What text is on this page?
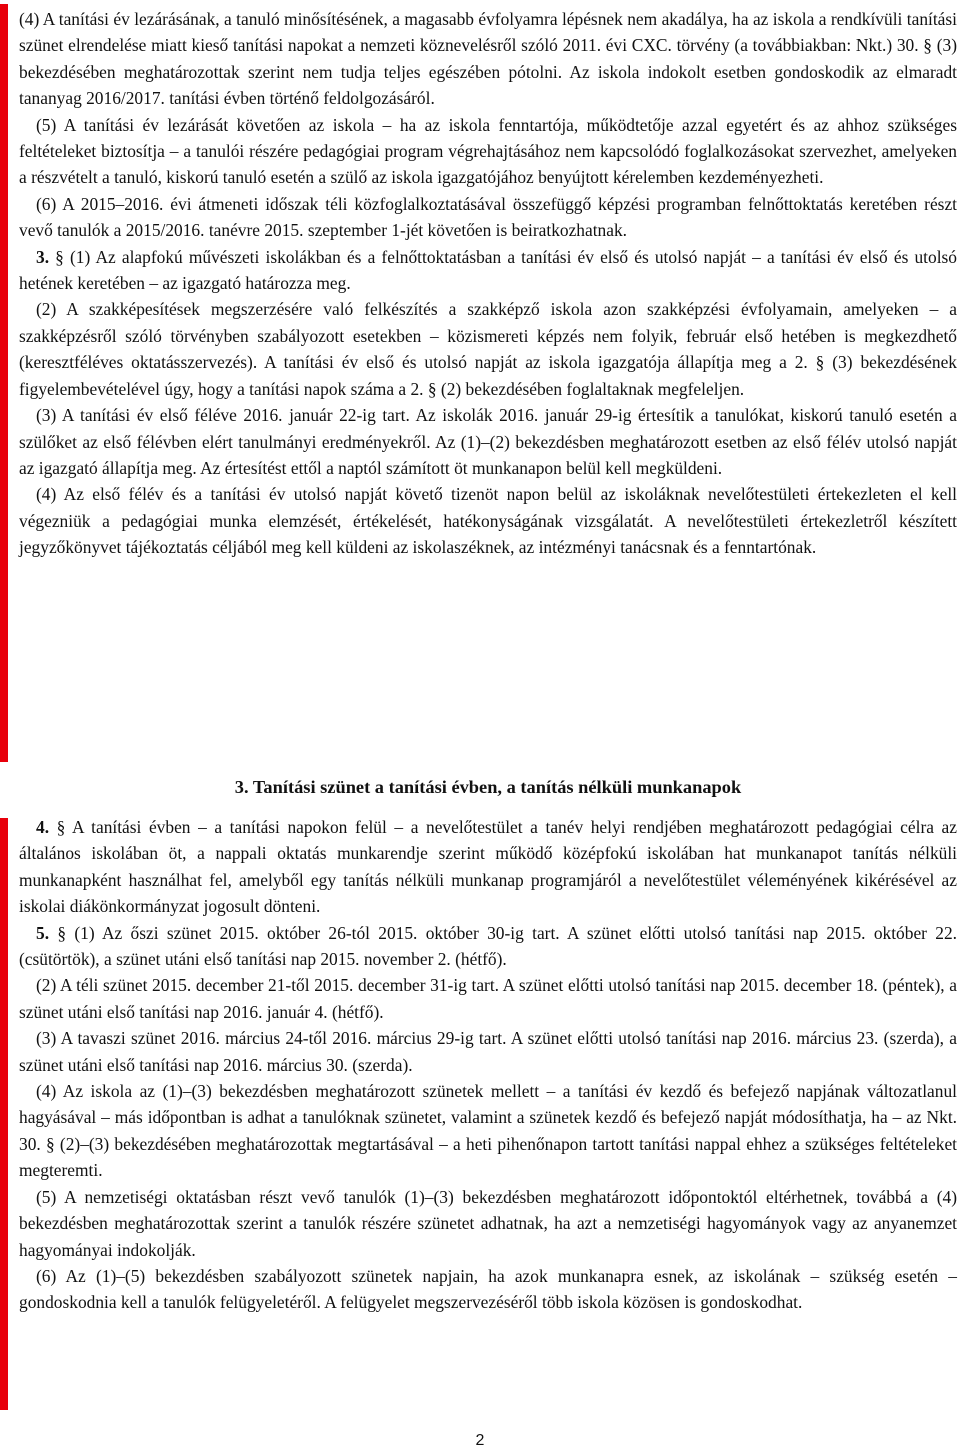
(4) A tanítási év lezárásának, a tanuló minősítésének, a magasabb évfolyamra lépésnek nem akadálya, ha az iskola a rendkívüli tanítási szünet elrendelése miatt kieső tanítási napokat a nemzeti köznevelésről szóló 2011. évi CXC. törvény (a továbbiakban: Nkt.) 30. § (3) bekezdésében meghatározottak szerint nem tudja teljes egészében pótolni. Az iskola indokolt esetben gondoskodik az elmaradt tananyag 2016/2017. tanítási évben történő feldolgozásáról.

(5) A tanítási év lezárását követően az iskola – ha az iskola fenntartója, működtetője azzal egyetért és az ahhoz szükséges feltételeket biztosítja – a tanulói részére pedagógiai program végrehajtásához nem kapcsolódó foglalkozásokat szervezhet, amelyeken a részvételt a tanuló, kiskorú tanuló esetén a szülő az iskola igazgatójához benyújtott kérelemben kezdeményezheti.

(6) A 2015–2016. évi átmeneti időszak téli közfoglalkoztatásával összefüggő képzési programban felnőttoktatás keretében részt vevő tanulók a 2015/2016. tanévre 2015. szeptember 1-jét követően is beiratkozhatnak.

3. § (1) Az alapfokú művészeti iskolákban és a felnőttoktatásban a tanítási év első és utolsó napját – a tanítási év első és utolsó hetének keretében – az igazgató határozza meg.

(2) A szakképesítések megszerzésére való felkészítés a szakképző iskola azon szakképzési évfolyamain, amelyeken – a szakképzésről szóló törvényben szabályozott esetekben – közismereti képzés nem folyik, február első hetében is megkezdhető (keresztféléves oktatásszervezés). A tanítási év első és utolsó napját az iskola igazgatója állapítja meg a 2. § (3) bekezdésének figyelembevételével úgy, hogy a tanítási napok száma a 2. § (2) bekezdésében foglaltaknak megfeleljen.

(3) A tanítási év első féléve 2016. január 22-ig tart. Az iskolák 2016. január 29-ig értesítik a tanulókat, kiskorú tanuló esetén a szülőket az első félévben elért tanulmányi eredményekről. Az (1)–(2) bekezdésben meghatározott esetben az első félév utolsó napját az igazgató állapítja meg. Az értesítést ettől a naptól számított öt munkanapon belül kell megküldeni.

(4) Az első félév és a tanítási év utolsó napját követő tizenöt napon belül az iskoláknak nevelőtestületi értekezleten el kell végezniük a pedagógiai munka elemzését, értékelését, hatékonyságának vizsgálatát. A nevelőtestületi értekezletről készített jegyzőkönyvet tájékoztatás céljából meg kell küldeni az iskolaszéknek, az intézményi tanácsnak és a fenntartónak.

3. Tanítási szünet a tanítási évben, a tanítás nélküli munkanapok

4. § A tanítási évben – a tanítási napokon felül – a nevelőtestület a tanév helyi rendjében meghatározott pedagógiai célra az általános iskolában öt, a nappali oktatás munkarendje szerint működő középfokú iskolában hat munkanapot tanítás nélküli munkanapként használhat fel, amelyből egy tanítás nélküli munkanap programjáról a nevelőtestület véleményének kikérésével az iskolai diákönkormányzat jogosult dönteni.

5. § (1) Az őszi szünet 2015. október 26-tól 2015. október 30-ig tart. A szünet előtti utolsó tanítási nap 2015. október 22. (csütörtök), a szünet utáni első tanítási nap 2015. november 2. (hétfő).

(2) A téli szünet 2015. december 21-től 2015. december 31-ig tart. A szünet előtti utolsó tanítási nap 2015. december 18. (péntek), a szünet utáni első tanítási nap 2016. január 4. (hétfő).

(3) A tavaszi szünet 2016. március 24-től 2016. március 29-ig tart. A szünet előtti utolsó tanítási nap 2016. március 23. (szerda), a szünet utáni első tanítási nap 2016. március 30. (szerda).

(4) Az iskola az (1)–(3) bekezdésben meghatározott szünetek mellett – a tanítási év kezdő és befejező napjának változatlanul hagyásával – más időpontban is adhat a tanulóknak szünetet, valamint a szünetek kezdő és befejező napját módosíthatja, ha – az Nkt. 30. § (2)–(3) bekezdésében meghatározottak megtartásával – a heti pihenőnapon tartott tanítási nappal ehhez a szükséges feltételeket megteremti.

(5) A nemzetiségi oktatásban részt vevő tanulók (1)–(3) bekezdésben meghatározott időpontoktól eltérhetnek, továbbá a (4) bekezdésben meghatározottak szerint a tanulók részére szünetet adhatnak, ha azt a nemzetiségi hagyományok vagy az anyanemzet hagyományai indokolják.

(6) Az (1)–(5) bekezdésben szabályozott szünetek napjain, ha azok munkanapra esnek, az iskolának – szükség esetén – gondoskodnia kell a tanulók felügyeletéről. A felügyelet megszervezéséről több iskola közösen is gondoskodhat.

2
